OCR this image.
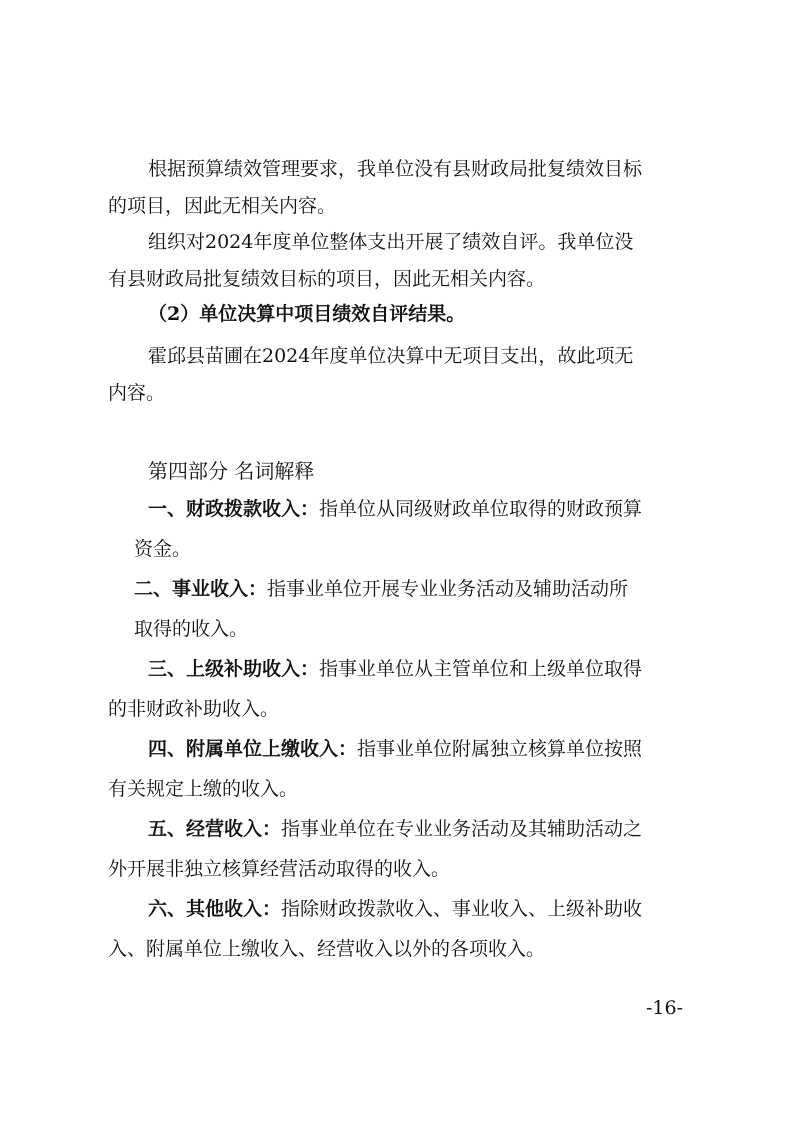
根据预算绩效管理要求，我单位没有县财政局批复绩效目标
的项目，因此无相关内容。
组织对2024年度单位整体支出开展了绩效自评。我单位没
有县财政局批复绩效目标的项目，因此无相关内容。
（2）单位决算中项目绩效自评结果。
霍邱县苗圃在2024年度单位决算中无项目支出，故此项无
内容。
第四部分 名词解释
一、财政拨款收入：指单位从同级财政单位取得的财政预算
资金。
二、事业收入：指事业单位开展专业业务活动及辅助活动所
取得的收入。
三、上级补助收入：指事业单位从主管单位和上级单位取得
的非财政补助收入。
四、附属单位上缴收入：指事业单位附属独立核算单位按照
有关规定上缴的收入。
五、经营收入：指事业单位在专业业务活动及其辅助活动之
外开展非独立核算经营活动取得的收入。
六、其他收入：指除财政拨款收入、事业收入、上级补助收
入、附属单位上缴收入、经营收入以外的各项收入。
-16-
